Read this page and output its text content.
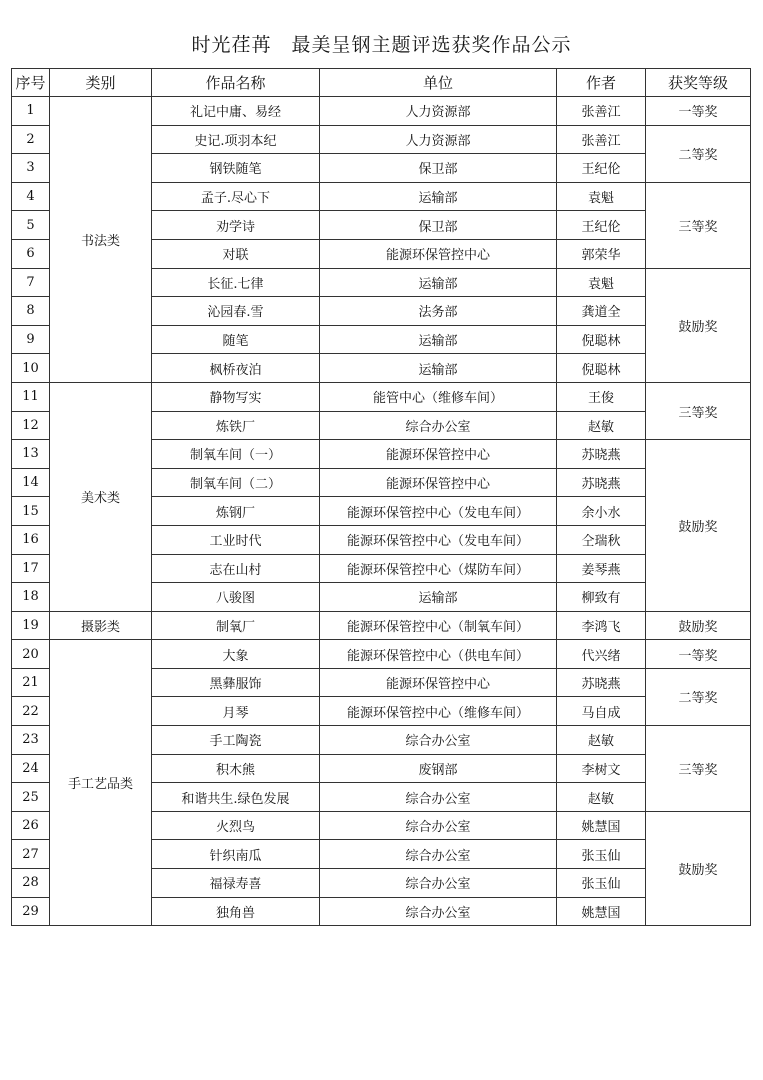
时光荏苒　最美呈钢主题评选获奖作品公示
序号	类别	作品名称	单位	作者	获奖等级
1	书法类	礼记中庸、易经	人力资源部	张善江	一等奖
2		史记.项羽本纪	人力资源部	张善江	二等奖
3		钢铁随笔	保卫部	王纪伦	
4		孟子.尽心下	运输部	袁魁	三等奖
5		劝学诗	保卫部	王纪伦	
6		对联	能源环保管控中心	郭荣华	
7		长征.七律	运输部	袁魁	鼓励奖
8		沁园春.雪	法务部	龚道全	
9		随笔	运输部	倪聪林	
10		枫桥夜泊	运输部	倪聪林	
11	美术类	静物写实	能管中心（维修车间）	王俊	三等奖
12		炼铁厂	综合办公室	赵敏	
13		制氧车间（一）	能源环保管控中心	苏晓燕	鼓励奖
14		制氧车间（二）	能源环保管控中心	苏晓燕	
15		炼钢厂	能源环保管控中心（发电车间）	余小水	
16		工业时代	能源环保管控中心（发电车间）	仝瑞秋	
17		志在山村	能源环保管控中心（煤防车间）	姜琴燕	
18		八骏图	运输部	柳致有	
19	摄影类	制氧厂	能源环保管控中心（制氧车间）	李鸿飞	鼓励奖
20	手工艺品类	大象	能源环保管控中心（供电车间）	代兴绪	一等奖
21		黑彝服饰	能源环保管控中心	苏晓燕	二等奖
22		月琴	能源环保管控中心（维修车间）	马自成	
23		手工陶瓷	综合办公室	赵敏	三等奖
24		积木熊	废钢部	李树文	
25		和谐共生.绿色发展	综合办公室	赵敏	
26		火烈鸟	综合办公室	姚慧国	鼓励奖
27		针织南瓜	综合办公室	张玉仙	
28		福禄寿喜	综合办公室	张玉仙	
29		独角兽	综合办公室	姚慧国	
